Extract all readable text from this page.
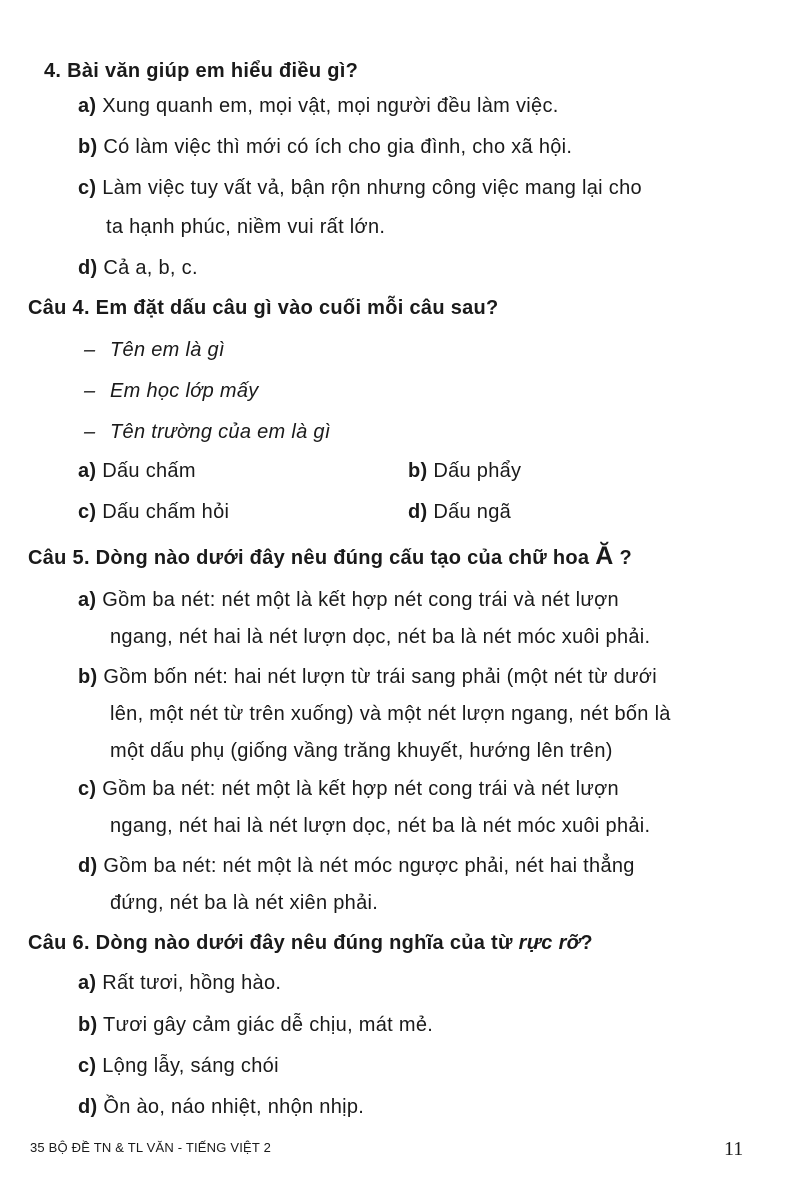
4. Bài văn giúp em hiểu điều gì?
a) Xung quanh em, mọi vật, mọi người đều làm việc.
b) Có làm việc thì mới có ích cho gia đình, cho xã hội.
c) Làm việc tuy vất vả, bận rộn nhưng công việc mang lại cho
ta hạnh phúc, niềm vui rất lớn.
d) Cả a, b, c.
Câu 4. Em đặt dấu câu gì vào cuối mỗi câu sau?
– Tên em là gì
– Em học lớp mấy
– Tên trường của em là gì
a) Dấu chấm	b) Dấu phẩy
c) Dấu chấm hỏi	d) Dấu ngã
Câu 5. Dòng nào dưới đây nêu đúng cấu tạo của chữ hoa Ă ?
a) Gồm ba nét: nét một là kết hợp nét cong trái và nét lượn
ngang, nét hai là nét lượn dọc, nét ba là nét móc xuôi phải.
b) Gồm bốn nét: hai nét lượn từ trái sang phải (một nét từ dưới
lên, một nét từ trên xuống) và một nét lượn ngang, nét bốn là
một dấu phụ (giống vầng trăng khuyết, hướng lên trên)
c) Gồm ba nét: nét một là kết hợp nét cong trái và nét lượn
ngang, nét hai là nét lượn dọc, nét ba là nét móc xuôi phải.
d) Gồm ba nét: nét một là nét móc ngược phải, nét hai thẳng
đứng, nét ba là nét xiên phải.
Câu 6. Dòng nào dưới đây nêu đúng nghĩa của từ rực rỡ?
a) Rất tươi, hồng hào.
b) Tươi gây cảm giác dễ chịu, mát mẻ.
c) Lộng lẫy, sáng chói
d) Ồn ào, náo nhiệt, nhộn nhịp.
35 BỘ ĐỀ TN & TL VĂN - TIẾNG VIỆT 2	11
